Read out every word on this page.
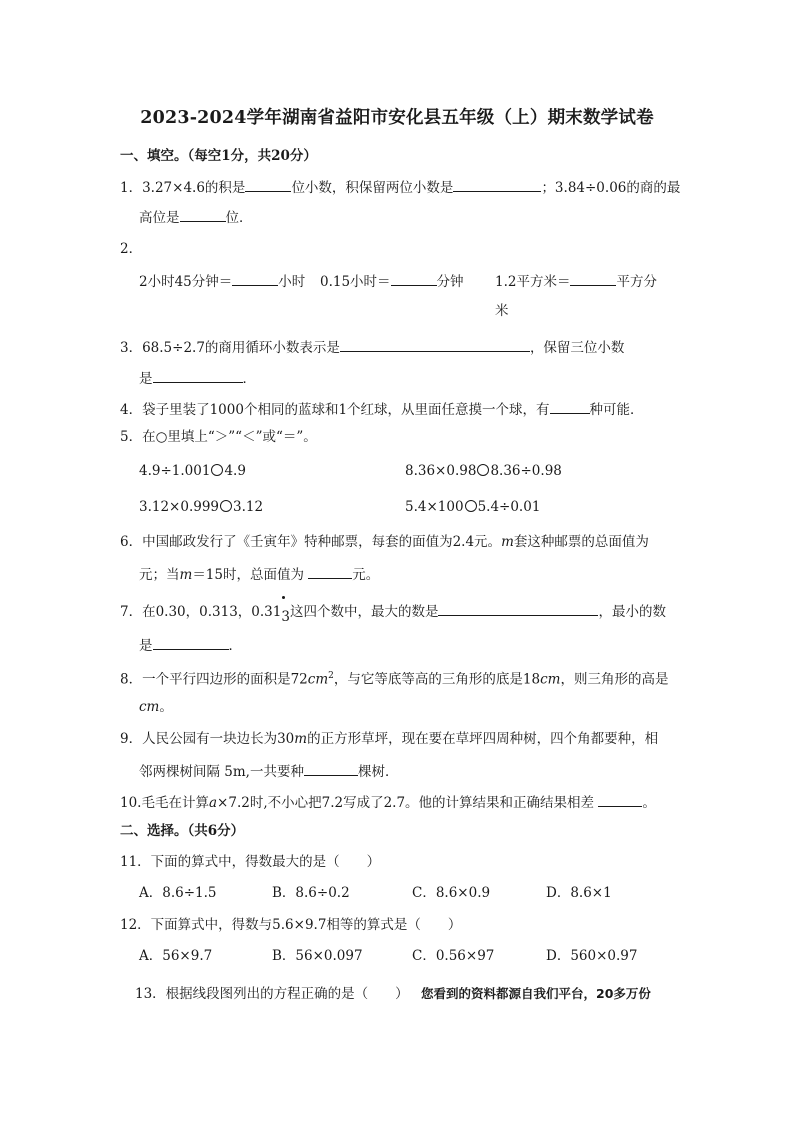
2023-2024学年湖南省益阳市安化县五年级（上）期末数学试卷
一、填空。（每空1分，共20分）
1．3.27×4.6的积是	位小数，积保留两位小数是	；3.84÷0.06的商的最
高位是	位．
2．
2小时45分钟＝	小时 0.15小时＝	分钟 1.2平方米＝	平方分
米
3．68.5÷2.7的商用循环小数表示是	，保留三位小数
是	．
4．袋子里装了1000个相同的蓝球和1个红球，从里面任意摸一个球，有	种可能．
5．在○里填上“＞”“＜”或“＝”。
4.9÷1.001 4.9	8.36×0.98 8.36÷0.98
3.12×0.999 3.12	5.4×100 5.4÷0.01
6．中国邮政发行了《壬寅年》特种邮票，每套的面值为2.4元。m套这种邮票的总面值为
元；当m＝15时，总面值为	元。
7．在0.30，0.313，0.313
这四个数中，最大的数是	，最小的数
是	．
8．一个平行四边形的面积是$72cm^2$，与它等底等高的三角形的底是18cm，则三角形的高是
cm。
9．人民公园有一块边长为30m的正方形草坪，现在要在草坪四周种树，四个角都要种，相
邻两棵树间隔 5m,一共要种	棵树．
10.毛毛在计算a×7.2时,不小心把7.2写成了2.7。他的计算结果和正确结果相差	。
二、选择。（共6分）
11．下面的算式中，得数最大的是（　　）
A．8.6÷1.5	B．8.6÷0.2	C．8.6×0.9	D．8.6×1
12．下面算式中，得数与5.6×9.7相等的算式是（　　）
A．56×9.7	B．56×0.097	C．0.56×97	D．560×0.97
13．根据线段图列出的方程正确的是（　　） 您看到的资料都源自我们平台，20多万份
